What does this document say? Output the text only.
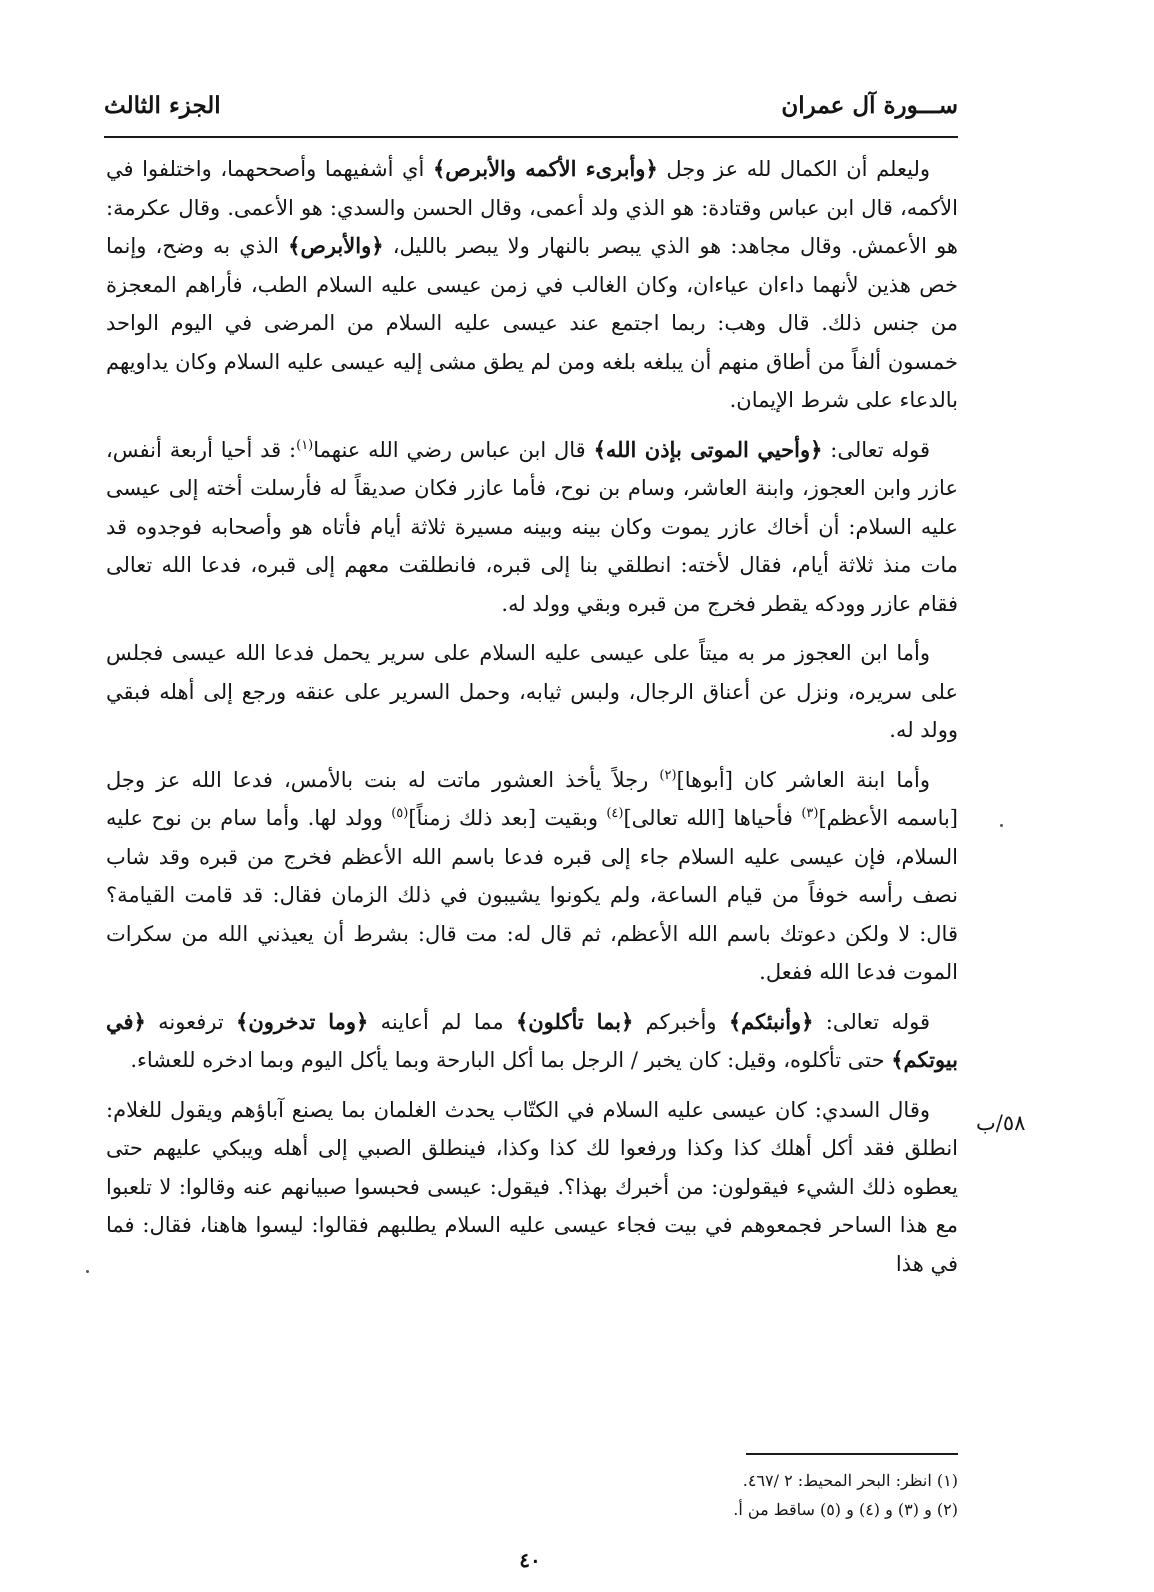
ســـورة آل عمران
الجزء الثالث

وليعلم أن الكمال لله عز وجل ﴿وأبرىء الأكمه والأبرص﴾ أي أشفيهما وأصححهما، واختلفوا في الأكمه، قال ابن عباس وقتادة: هو الذي ولد أعمى، وقال الحسن والسدي: هو الأعمى. وقال عكرمة: هو الأعمش. وقال مجاهد: هو الذي يبصر بالنهار ولا يبصر بالليل، ﴿والأبرص﴾ الذي به وضح، وإنما خص هذين لأنهما داءان عياءان، وكان الغالب في زمن عيسى عليه السلام الطب، فأراهم المعجزة من جنس ذلك. قال وهب: ربما اجتمع عند عيسى عليه السلام من المرضى في اليوم الواحد خمسون ألفاً من أطاق منهم أن يبلغه بلغه ومن لم يطق مشى إليه عيسى عليه السلام وكان يداويهم بالدعاء على شرط الإيمان.

قوله تعالى: ﴿وأحيي الموتى بإذن الله﴾ قال ابن عباس رضي الله عنهما$^{(١)}$: قد أحيا أربعة أنفس، عازر وابن العجوز، وابنة العاشر، وسام بن نوح، فأما عازر فكان صديقاً له فأرسلت أخته إلى عيسى عليه السلام: أن أخاك عازر يموت وكان بينه وبينه مسيرة ثلاثة أيام فأتاه هو وأصحابه فوجدوه قد مات منذ ثلاثة أيام، فقال لأخته: انطلقي بنا إلى قبره، فانطلقت معهم إلى قبره، فدعا الله تعالى فقام عازر وودكه يقطر فخرج من قبره وبقي وولد له.

وأما ابن العجوز مر به ميتاً على عيسى عليه السلام على سرير يحمل فدعا الله عيسى فجلس على سريره، ونزل عن أعناق الرجال، ولبس ثيابه، وحمل السرير على عنقه ورجع إلى أهله فبقي وولد له.

وأما ابنة العاشر كان [أبوها]$^{(٢)}$ رجلاً يأخذ العشور ماتت له بنت بالأمس، فدعا الله عز وجل [باسمه الأعظم]$^{(٣)}$ فأحياها [الله تعالى]$^{(٤)}$ وبقيت [بعد ذلك زمناً]$^{(٥)}$ وولد لها. وأما سام بن نوح عليه السلام، فإن عيسى عليه السلام جاء إلى قبره فدعا باسم الله الأعظم فخرج من قبره وقد شاب نصف رأسه خوفاً من قيام الساعة، ولم يكونوا يشيبون في ذلك الزمان فقال: قد قامت القيامة؟ قال: لا ولكن دعوتك باسم الله الأعظم، ثم قال له: مت قال: بشرط أن يعيذني الله من سكرات الموت فدعا الله ففعل.

قوله تعالى: ﴿وأنبئكم﴾ وأخبركم ﴿بما تأكلون﴾ مما لم أعاينه ﴿وما تدخرون﴾ ترفعونه ﴿في بيوتكم﴾ حتى تأكلوه، وقيل: كان يخبر / الرجل بما أكل البارحة وبما يأكل اليوم وبما ادخره للعشاء.

وقال السدي: كان عيسى عليه السلام في الكتّاب يحدث الغلمان بما يصنع آباؤهم ويقول للغلام: انطلق فقد أكل أهلك كذا وكذا ورفعوا لك كذا وكذا، فينطلق الصبي إلى أهله ويبكي عليهم حتى يعطوه ذلك الشيء فيقولون: من أخبرك بهذا؟. فيقول: عيسى فحبسوا صبيانهم عنه وقالوا: لا تلعبوا مع هذا الساحر فجمعوهم في بيت فجاء عيسى عليه السلام يطلبهم فقالوا: ليسوا هاهنا، فقال: فما في هذا

٥٨/ب
(١) انظر: البحر المحيط: ٢ /٤٦٧.
(٢) و (٣) و (٤) و (٥) ساقط من أ.
٤٠
